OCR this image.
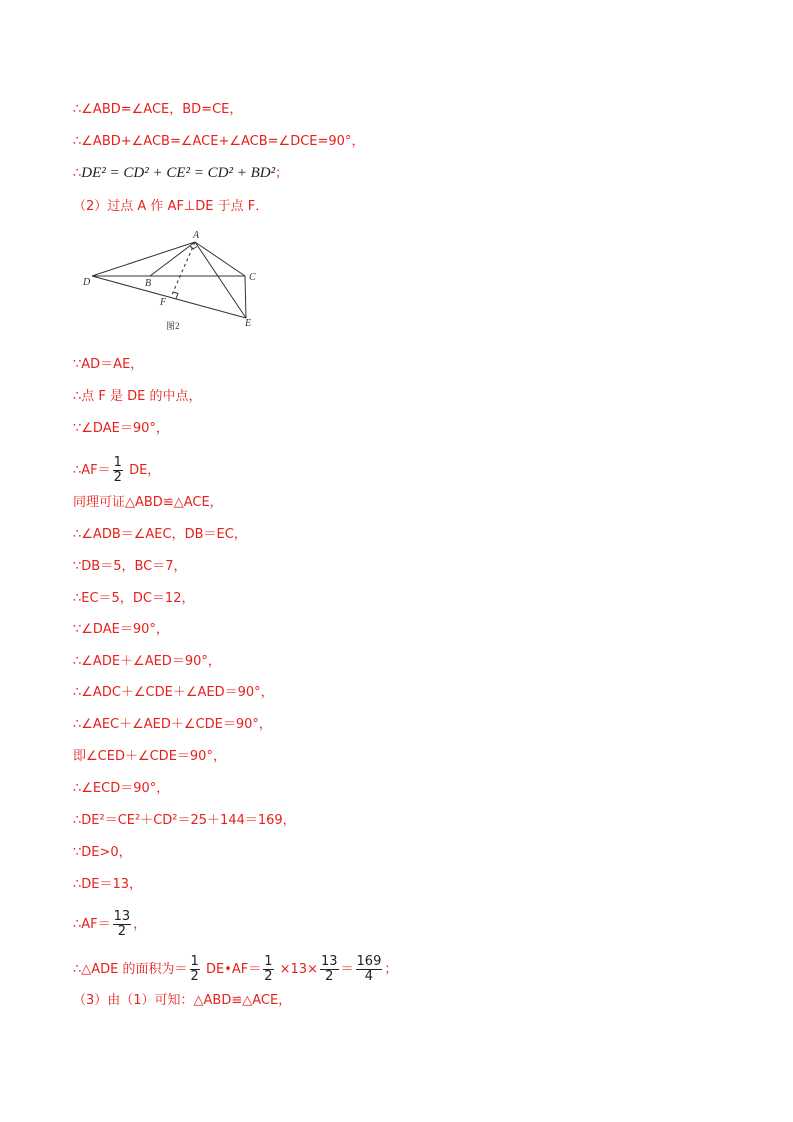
∴∠ABD=∠ACE，BD=CE，
∴∠ABD+∠ACB=∠ACE+∠ACB=∠DCE=90°，
∴DE² = CD² + CE² = CD² + BD²；
（2）过点 A 作 AF⊥DE 于点 F．
A
B
C
D
E
F
图2
∵AD＝AE，
∴点 F 是 DE 的中点，
∵∠DAE＝90°，
∴AF＝ $\frac{1}{2}$ DE，
同理可证△ABD≌△ACE，
∴∠ADB＝∠AEC，DB＝EC，
∵DB＝5，BC＝7，
∴EC＝5，DC＝12，
∵∠DAE＝90°，
∴∠ADE＋∠AED＝90°，
∴∠ADC＋∠CDE＋∠AED＝90°，
∴∠AEC＋∠AED＋∠CDE＝90°，
即∠CED＋∠CDE＝90°，
∴∠ECD＝90°，
∴DE²＝CE²＋CD²＝25＋144＝169，
∵DE>0，
∴DE＝13，
∴AF＝ $\frac{13}{2}$ ，
∴△ADE 的面积为＝ $\frac{1}{2}$ DE•AF＝ $\frac{1}{2} \times 13\times \frac{13}{2} = \frac{169}{4}$ ；
（3）由（1）可知：△ABD≌△ACE，
